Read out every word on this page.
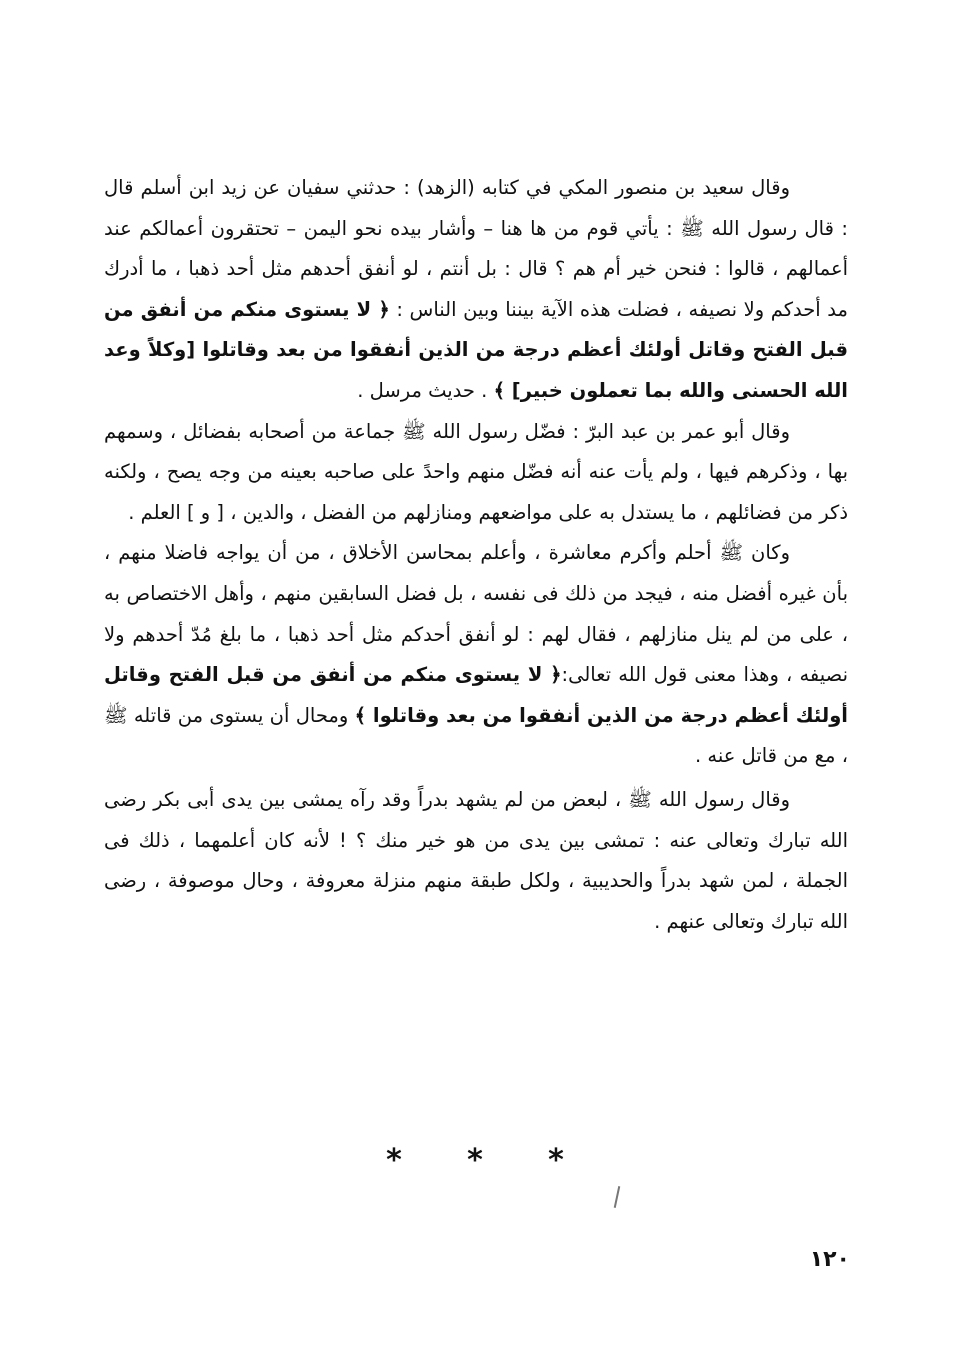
وقال سعيد بن منصور المكي في كتابه (الزهد) : حدثني سفيان عن زيد ابن أسلم قال : قال رسول الله ﷺ : يأتي قوم من ها هنا – وأشار بيده نحو اليمن – تحتقرون أعمالكم عند أعمالهم ، قالوا : فنحن خير أم هم ؟ قال : بل أنتم ، لو أنفق أحدهم مثل أحد ذهبا ، ما أدرك مد أحدكم ولا نصيفه ، فضلت هذه الآية بيننا وبين الناس : ﴿ لا يستوى منكم من أنفق من قبل الفتح وقاتل أولئك أعظم درجة من الذين أنفقوا من بعد وقاتلوا [وكلاً وعد الله الحسنى والله بما تعملون خبير] ﴾ . حديث مرسل .

وقال أبو عمر بن عبد البرّ : فضّل رسول الله ﷺ جماعة من أصحابه بفضائل ، وسمهم بها ، وذكرهم فيها ، ولم يأت عنه أنه فضّل منهم واحدً على صاحبه بعينه من وجه يصح ، ولكنه ذكر من فضائلهم ، ما يستدل به على مواضعهم ومنازلهم من الفضل ، والدين ، [ و ] العلم .

وكان ﷺ أحلم وأكرم معاشرة ، وأعلم بمحاسن الأخلاق ، من أن يواجه فاضلا منهم ، بأن غيره أفضل منه ، فيجد من ذلك فى نفسه ، بل فضل السابقين منهم ، وأهل الاختصاص به ، على من لم ينل منازلهم ، فقال لهم : لو أنفق أحدكم مثل أحد ذهبا ، ما بلغ مُدّ أحدهم ولا نصيفه ، وهذا معنى قول الله تعالى:﴿ لا يستوى منكم من أنفق من قبل الفتح وقاتل أولئك أعظم درجة من الذين أنفقوا من بعد وقاتلوا ﴾ ومحال أن يستوى من قاتله ﷺ ، مع من قاتل عنه .

وقال رسول الله ﷺ ، لبعض من لم يشهد بدراً وقد رآه يمشى بين يدى أبى بكر رضى الله تبارك وتعالى عنه : تمشى بين يدى من هو خير منك ؟ ! لأنه كان أعلمهما ، ذلك فى الجملة ، لمن شهد بدراً والحديبية ، ولكل طبقة منهم منزلة معروفة ، وحال موصوفة ، رضى الله تبارك وتعالى عنهم .

* * *
١٢٠
